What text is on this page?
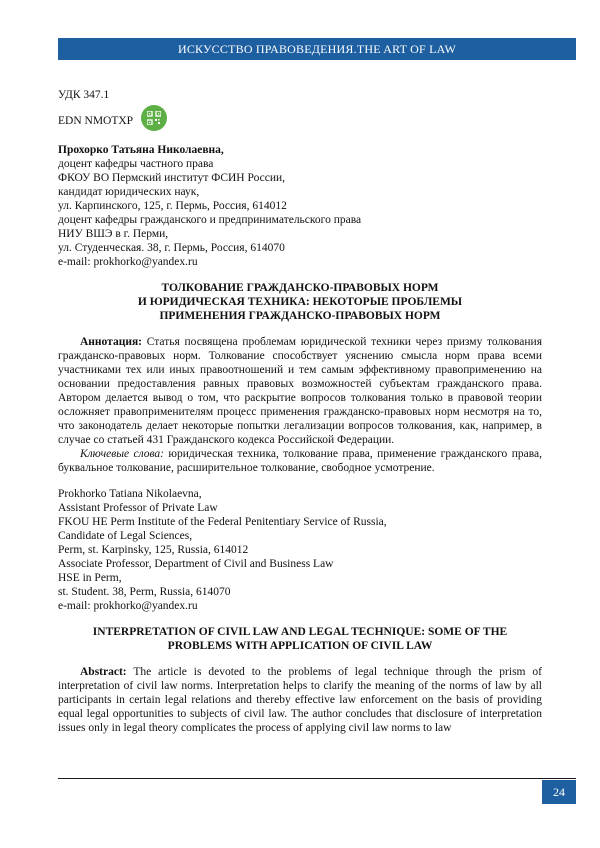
ИСКУССТВО ПРАВОВЕДЕНИЯ.THE ART OF LAW
УДК 347.1
EDN NMOTXP
Прохорко Татьяна Николаевна,
доцент кафедры частного права
ФКОУ ВО Пермский институт ФСИН России,
кандидат юридических наук,
ул. Карпинского, 125, г. Пермь, Россия, 614012
доцент кафедры гражданского и предпринимательского права
НИУ ВШЭ в г. Перми,
ул. Студенческая. 38, г. Пермь, Россия, 614070
e-mail: prokhorko@yandex.ru
ТОЛКОВАНИЕ ГРАЖДАНСКО-ПРАВОВЫХ НОРМ
И ЮРИДИЧЕСКАЯ ТЕХНИКА: НЕКОТОРЫЕ ПРОБЛЕМЫ
ПРИМЕНЕНИЯ ГРАЖДАНСКО-ПРАВОВЫХ НОРМ

Аннотация: Статья посвящена проблемам юридической техники через призму толкования гражданско-правовых норм. Толкование способствует уяснению смысла норм права всеми участниками тех или иных правоотношений и тем самым эффективному правоприменению на основании предоставления равных правовых возможностей субъектам гражданского права. Автором делается вывод о том, что раскрытие вопросов толкования только в правовой теории осложняет правоприменителям процесс применения гражданско-правовых норм несмотря на то, что законодатель делает некоторые попытки легализации вопросов толкования, как, например, в случае со статьей 431 Гражданского кодекса Российской Федерации.

Ключевые слова: юридическая техника, толкование права, применение гражданского права, буквальное толкование, расширительное толкование, свободное усмотрение.

Prokhorko Tatiana Nikolaevna,
Assistant Professor of Private Law
FKOU HE Perm Institute of the Federal Penitentiary Service of Russia,
Candidate of Legal Sciences,
Perm, st. Karpinsky, 125, Russia, 614012
Associate Professor, Department of Civil and Business Law
HSE in Perm,
st. Student. 38, Perm, Russia, 614070
e-mail: prokhorko@yandex.ru
INTERPRETATION OF CIVIL LAW AND LEGAL TECHNIQUE: SOME OF THE
PROBLEMS WITH APPLICATION OF CIVIL LAW

Abstract: The article is devoted to the problems of legal technique through the prism of interpretation of civil law norms. Interpretation helps to clarify the meaning of the norms of law by all participants in certain legal relations and thereby effective law enforcement on the basis of providing equal legal opportunities to subjects of civil law. The author concludes that disclosure of interpretation issues only in legal theory complicates the process of applying civil law norms to law

24
